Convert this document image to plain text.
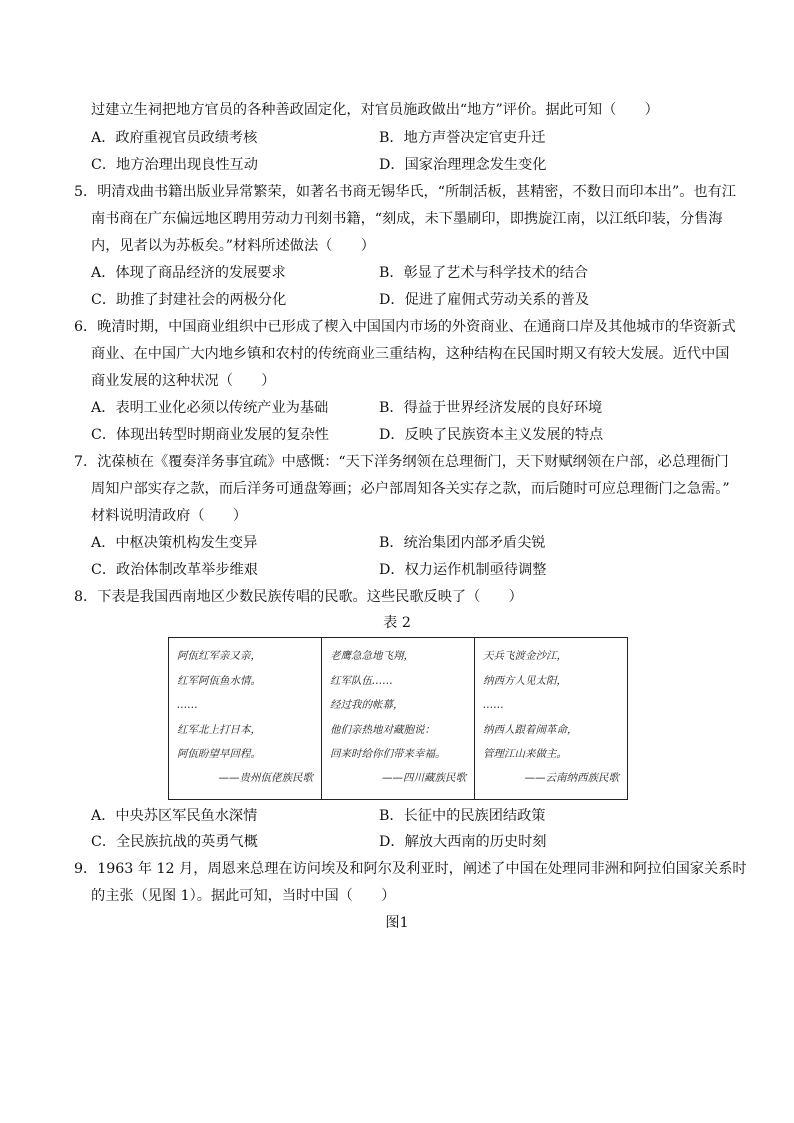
过建立生祠把地方官员的各种善政固定化，对官员施政做出“地方”评价。据此可知（　　）
A．政府重视官员政绩考核	B．地方声誉决定官吏升迁
C．地方治理出现良性互动	D．国家治理理念发生变化
5．明清戏曲书籍出版业异常繁荣，如著名书商无锡华氏，“所制活板，甚精密，不数日而印本出”。也有江
南书商在广东偏远地区聘用劳动力刊刻书籍，“刻成，未下墨刷印，即携旋江南，以江纸印装，分售海
内，见者以为苏板矣。”材料所述做法（　　）
A．体现了商品经济的发展要求	B．彰显了艺术与科学技术的结合
C．助推了封建社会的两极分化	D．促进了雇佣式劳动关系的普及
6．晚清时期，中国商业组织中已形成了楔入中国国内市场的外资商业、在通商口岸及其他城市的华资新式
商业、在中国广大内地乡镇和农村的传统商业三重结构，这种结构在民国时期又有较大发展。近代中国
商业发展的这种状况（　　）
A．表明工业化必须以传统产业为基础	B．得益于世界经济发展的良好环境
C．体现出转型时期商业发展的复杂性	D．反映了民族资本主义发展的特点
7．沈葆桢在《覆奏洋务事宜疏》中感慨：“天下洋务纲领在总理衙门，天下财赋纲领在户部，必总理衙门
周知户部实存之款，而后洋务可通盘筹画；必户部周知各关实存之款，而后随时可应总理衙门之急需。”
材料说明清政府（　　）
A．中枢决策机构发生变异	B．统治集团内部矛盾尖锐
C．政治体制改革举步维艰	D．权力运作机制亟待调整
8．下表是我国西南地区少数民族传唱的民歌。这些民歌反映了（　　）
表 2
阿佤红军亲又亲，
红军阿佤鱼水情。
……
红军北上打日本，
阿佤盼望早回程。
——贵州佤佬族民歌

老鹰急急地飞翔，
红军队伍……
经过我的帐幕，
他们亲热地对藏胞说：
回来时给你们带来幸福。
——四川藏族民歌

天兵飞渡金沙江，
纳西方人见太阳，
……
纳西人跟着闹革命，
管理江山来做主。
——云南纳西族民歌
A．中央苏区军民鱼水深情	B．长征中的民族团结政策
C．全民族抗战的英勇气概	D．解放大西南的历史时刻
9．1963 年 12 月，周恩来总理在访问埃及和阿尔及利亚时，阐述了中国在处理同非洲和阿拉伯国家关系时
的主张（见图 1）。据此可知，当时中国（　　）
图1
